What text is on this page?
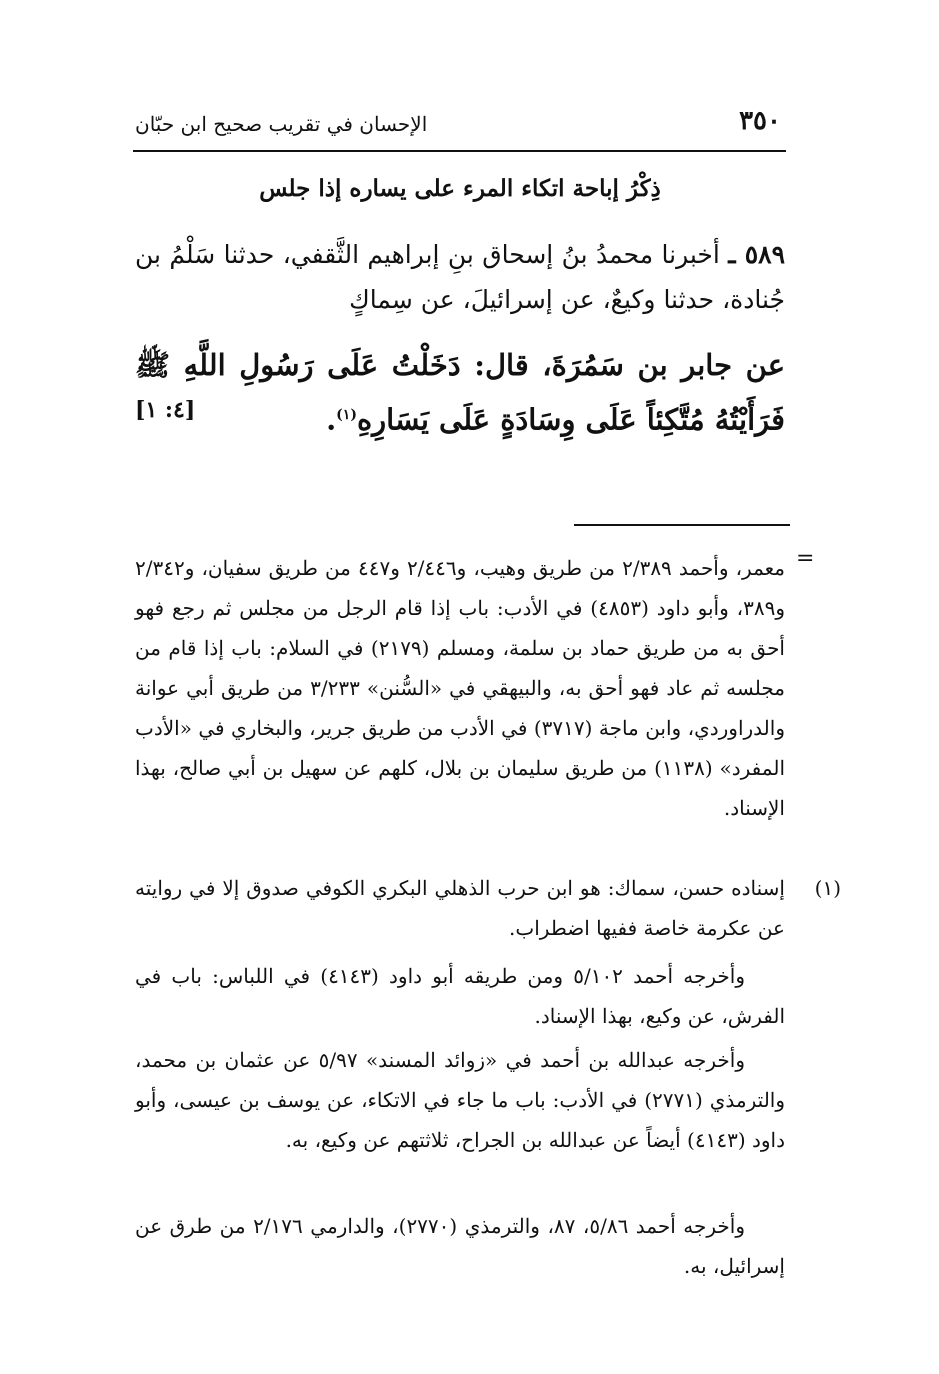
٣٥٠
الإحسان في تقريب صحيح ابن حبّان
ذِكْرُ إباحة اتكاء المرء على يساره إذا جلس
٥٨٩ ـ أخبرنا محمدُ بنُ إسحاق بنِ إبراهيم الثَّقفي، حدثنا سَلْمُ بن جُنادة، حدثنا وكيعٌ، عن إسرائيلَ، عن سِماكٍ
عن جابر بن سَمُرَةَ، قال: دَخَلْتُ عَلَى رَسُولِ اللَّهِ ﷺ فَرَأَيْتُهُ مُتَّكِئاً عَلَى وِسَادَةٍ عَلَى يَسَارِهِ$^{(١)}$.
[٤: ١]
=
معمر، وأحمد ٢/٣٨٩ من طريق وهيب، و٢/٤٤٦ و٤٤٧ من طريق سفيان، و٢/٣٤٢ و٣٨٩، وأبو داود (٤٨٥٣) في الأدب: باب إذا قام الرجل من مجلس ثم رجع فهو أحق به من طريق حماد بن سلمة، ومسلم (٢١٧٩) في السلام: باب إذا قام من مجلسه ثم عاد فهو أحق به، والبيهقي في «السُّنن» ٣/٢٣٣ من طريق أبي عوانة والدراوردي، وابن ماجة (٣٧١٧) في الأدب من طريق جرير، والبخاري في «الأدب المفرد» (١١٣٨) من طريق سليمان بن بلال، كلهم عن سهيل بن أبي صالح، بهذا الإسناد.
(١)
إسناده حسن، سماك: هو ابن حرب الذهلي البكري الكوفي صدوق إلا في روايته عن عكرمة خاصة ففيها اضطراب.
وأخرجه أحمد ٥/١٠٢ ومن طريقه أبو داود (٤١٤٣) في اللباس: باب في الفرش، عن وكيع، بهذا الإسناد.
وأخرجه عبدالله بن أحمد في «زوائد المسند» ٥/٩٧ عن عثمان بن محمد، والترمذي (٢٧٧١) في الأدب: باب ما جاء في الاتكاء، عن يوسف بن عيسى، وأبو داود (٤١٤٣) أيضاً عن عبدالله بن الجراح، ثلاثتهم عن وكيع، به.
وأخرجه أحمد ٥/٨٦، ٨٧، والترمذي (٢٧٧٠)، والدارمي ٢/١٧٦ من طرق عن إسرائيل، به.
